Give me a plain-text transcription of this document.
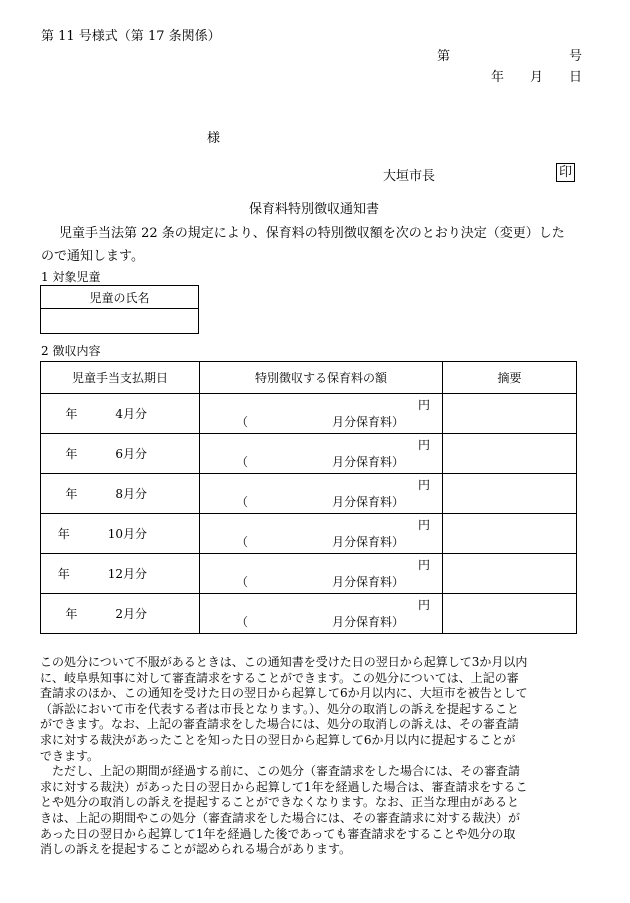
第 11 号様式（第 17 条関係）
第	号
年 月 日
様
大垣市長	印
保育料特別徴収通知書
児童手当法第 22 条の規定により、保育料の特別徴収額を次のとおり決定（変更）した
ので通知します。
1 対象児童
児童の氏名

2 徴収内容
児童手当支払期日	特別徴収する保育料の額	摘要
年　 4月分	円
（ 月分保育料）	

年　 6月分	円
（ 月分保育料）	

年　 8月分	円
（ 月分保育料）	

年　 10月分	円
（ 月分保育料）	

年　 12月分	円
（ 月分保育料）	

年　 2月分	円
（ 月分保育料）	

この処分について不服があるときは、この通知書を受けた日の翌日から起算して3か月以内

に、岐阜県知事に対して審査請求をすることができます。この処分については、上記の審

査請求のほか、この通知を受けた日の翌日から起算して6か月以内に、大垣市を被告として

（訴訟において市を代表する者は市長となります。）、処分の取消しの訴えを提起すること

ができます。なお、上記の審査請求をした場合には、処分の取消しの訴えは、その審査請

求に対する裁決があったことを知った日の翌日から起算して6か月以内に提起することが

できます。

　ただし、上記の期間が経過する前に、この処分（審査請求をした場合には、その審査請

求に対する裁決）があった日の翌日から起算して1年を経過した場合は、審査請求をするこ

とや処分の取消しの訴えを提起することができなくなります。なお、正当な理由があると

きは、上記の期間やこの処分（審査請求をした場合には、その審査請求に対する裁決）が

あった日の翌日から起算して1年を経過した後であっても審査請求をすることや処分の取

消しの訴えを提起することが認められる場合があります。
